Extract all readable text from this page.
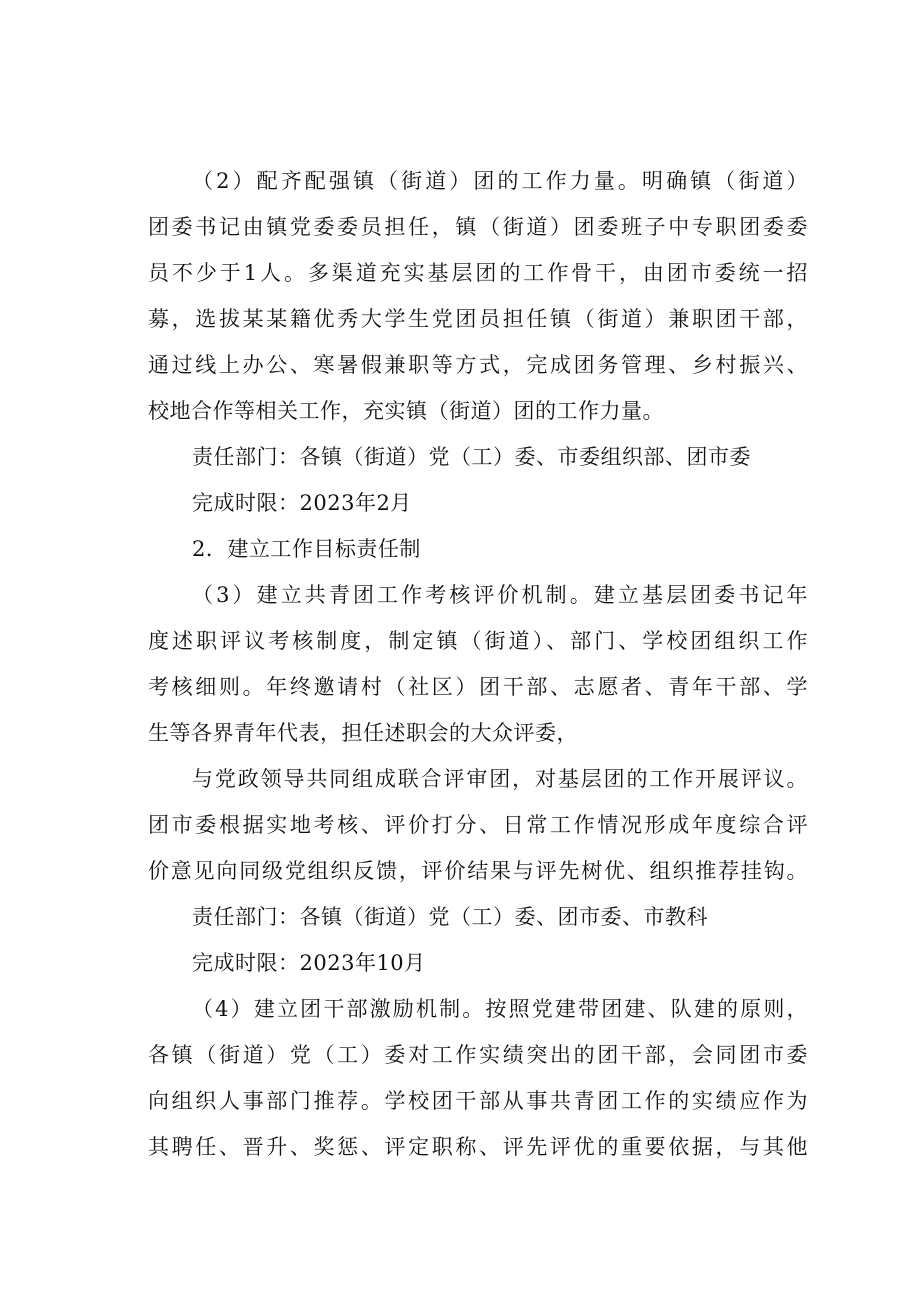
（2）配齐配强镇（街道）团的工作力量。明确镇（街道）
团委书记由镇党委委员担任，镇（街道）团委班子中专职团委委
员不少于1人。多渠道充实基层团的工作骨干，由团市委统一招
募，选拔某某籍优秀大学生党团员担任镇（街道）兼职团干部，
通过线上办公、寒暑假兼职等方式，完成团务管理、乡村振兴、
校地合作等相关工作，充实镇（街道）团的工作力量。
责任部门：各镇（街道）党（工）委、市委组织部、团市委
完成时限：2023年2月
2．建立工作目标责任制
（3）建立共青团工作考核评价机制。建立基层团委书记年
度述职评议考核制度，制定镇（街道）、部门、学校团组织工作
考核细则。年终邀请村（社区）团干部、志愿者、青年干部、学
生等各界青年代表，担任述职会的大众评委，
与党政领导共同组成联合评审团，对基层团的工作开展评议。
团市委根据实地考核、评价打分、日常工作情况形成年度综合评
价意见向同级党组织反馈，评价结果与评先树优、组织推荐挂钩。
责任部门：各镇（街道）党（工）委、团市委、市教科
完成时限：2023年10月
（4）建立团干部激励机制。按照党建带团建、队建的原则，
各镇（街道）党（工）委对工作实绩突出的团干部，会同团市委
向组织人事部门推荐。学校团干部从事共青团工作的实绩应作为
其聘任、晋升、奖惩、评定职称、评先评优的重要依据，与其他
